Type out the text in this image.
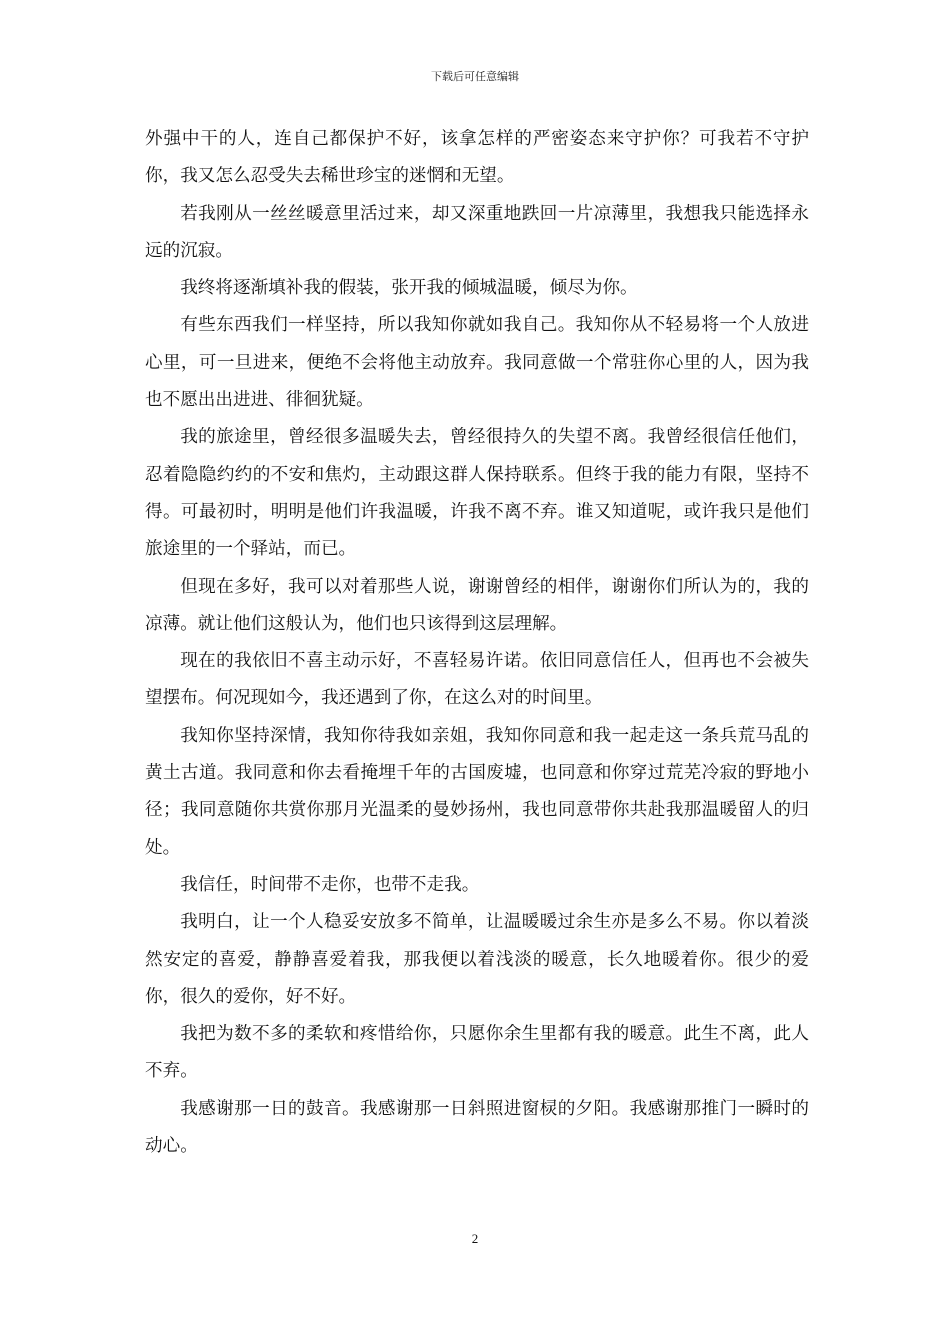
下载后可任意编辑

外强中干的人，连自己都保护不好，该拿怎样的严密姿态来守护你？可我若不守护你，我又怎么忍受失去稀世珍宝的迷惘和无望。

若我刚从一丝丝暖意里活过来，却又深重地跌回一片凉薄里，我想我只能选择永远的沉寂。

我终将逐渐填补我的假装，张开我的倾城温暖，倾尽为你。

有些东西我们一样坚持，所以我知你就如我自己。我知你从不轻易将一个人放进心里，可一旦进来，便绝不会将他主动放弃。我同意做一个常驻你心里的人，因为我也不愿出出进进、徘徊犹疑。

我的旅途里，曾经很多温暖失去，曾经很持久的失望不离。我曾经很信任他们，忍着隐隐约约的不安和焦灼，主动跟这群人保持联系。但终于我的能力有限，坚持不得。可最初时，明明是他们许我温暖，许我不离不弃。谁又知道呢，或许我只是他们旅途里的一个驿站，而已。

但现在多好，我可以对着那些人说，谢谢曾经的相伴，谢谢你们所认为的，我的凉薄。就让他们这般认为，他们也只该得到这层理解。

现在的我依旧不喜主动示好，不喜轻易许诺。依旧同意信任人，但再也不会被失望摆布。何况现如今，我还遇到了你，在这么对的时间里。

我知你坚持深情，我知你待我如亲姐，我知你同意和我一起走这一条兵荒马乱的黄土古道。我同意和你去看掩埋千年的古国废墟，也同意和你穿过荒芜冷寂的野地小径；我同意随你共赏你那月光温柔的曼妙扬州，我也同意带你共赴我那温暖留人的归处。

我信任，时间带不走你，也带不走我。

我明白，让一个人稳妥安放多不简单，让温暖暖过余生亦是多么不易。你以着淡然安定的喜爱，静静喜爱着我，那我便以着浅淡的暖意，长久地暖着你。很少的爱你，很久的爱你，好不好。

我把为数不多的柔软和疼惜给你，只愿你余生里都有我的暖意。此生不离，此人不弃。

我感谢那一日的鼓音。我感谢那一日斜照进窗棂的夕阳。我感谢那推门一瞬时的动心。

2
